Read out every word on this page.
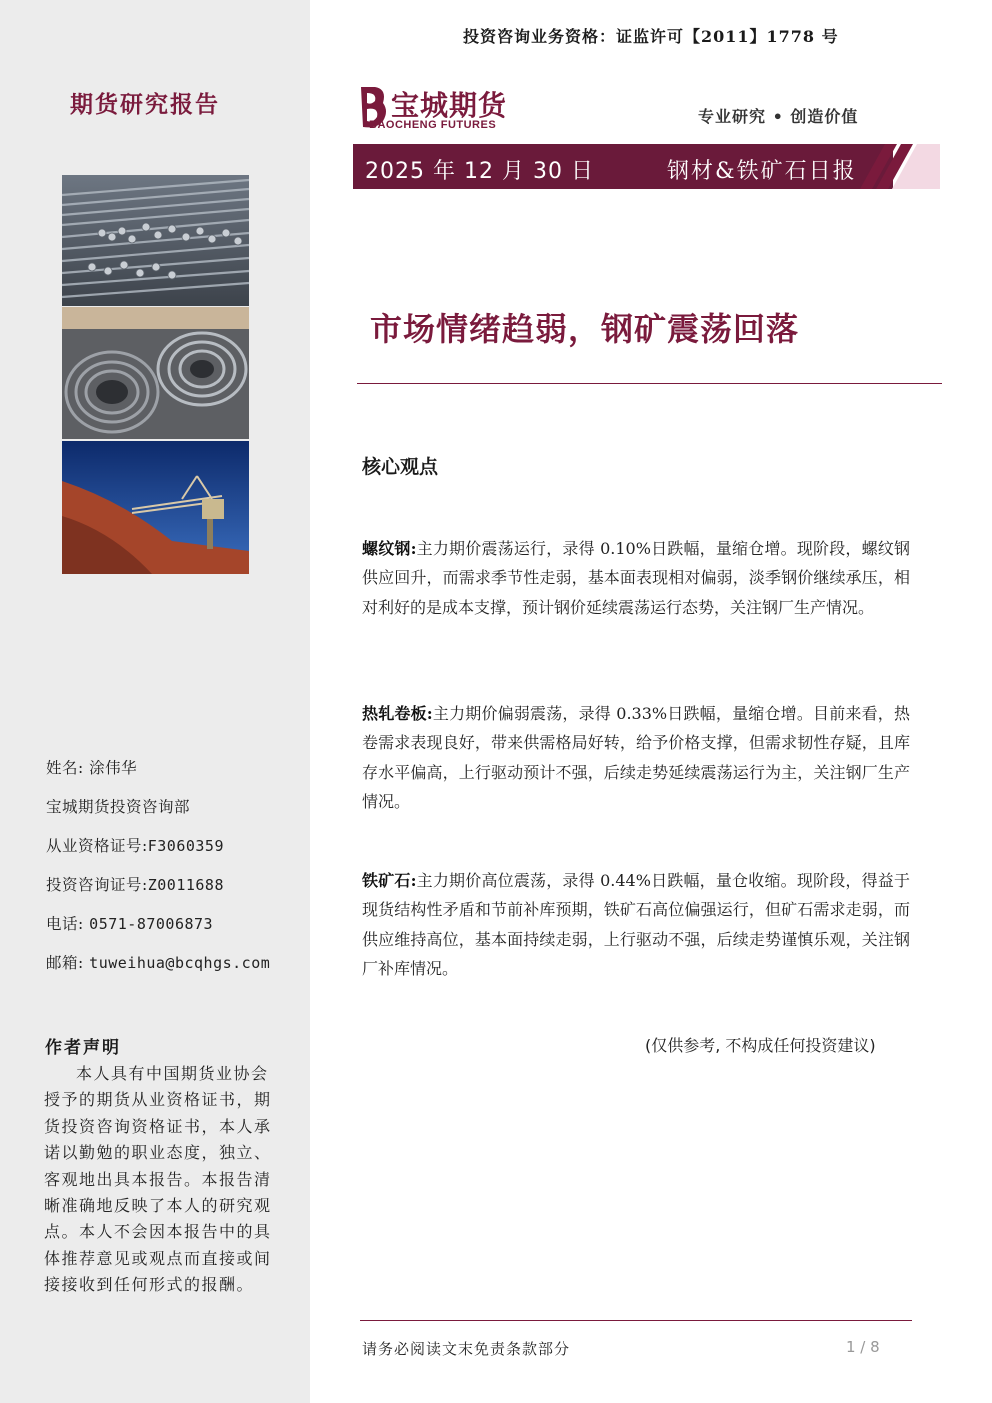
投资咨询业务资格：证监许可【2011】1778 号
期货研究报告	宝城期货
BAOCHENG FUTURES	专业研究 • 创造价值
2025 年 12 月 30 日	钢材&铁矿石日报
市场情绪趋弱，钢矿震荡回落
核心观点
螺纹钢:主力期价震荡运行，录得 0.10%日跌幅，量缩仓增。现阶段，螺纹钢供应回升，而需求季节性走弱，基本面表现相对偏弱，淡季钢价继续承压，相对利好的是成本支撑，预计钢价延续震荡运行态势，关注钢厂生产情况。
热轧卷板:主力期价偏弱震荡，录得 0.33%日跌幅，量缩仓增。目前来看，热卷需求表现良好，带来供需格局好转，给予价格支撑，但需求韧性存疑，且库存水平偏高，上行驱动预计不强，后续走势延续震荡运行为主，关注钢厂生产情况。
铁矿石:主力期价高位震荡，录得 0.44%日跌幅，量仓收缩。现阶段，得益于现货结构性矛盾和节前补库预期，铁矿石高位偏强运行，但矿石需求走弱，而供应维持高位，基本面持续走弱，上行驱动不强，后续走势谨慎乐观，关注钢厂补库情况。
(仅供参考, 不构成任何投资建议)
姓名: 涂伟华
宝城期货投资咨询部
从业资格证号:F3060359
投资咨询证号:Z0011688
电话: 0571-87006873
邮箱: tuweihua@bcqhgs.com
作者声明
本人具有中国期货业协会授予的期货从业资格证书，期货投资咨询资格证书，本人承诺以勤勉的职业态度，独立、客观地出具本报告。本报告清晰准确地反映了本人的研究观点。本人不会因本报告中的具体推荐意见或观点而直接或间接接收到任何形式的报酬。
请务必阅读文末免责条款部分	1 / 8
